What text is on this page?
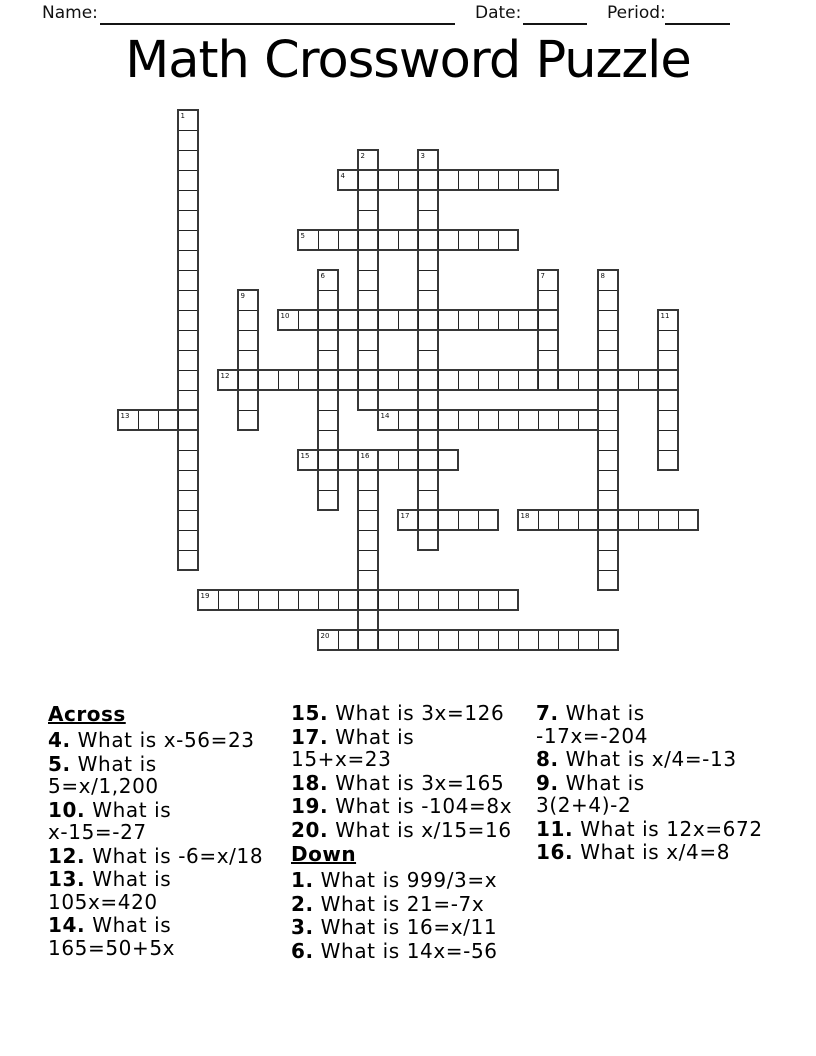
Name:	Date:	Period:
Math Crossword Puzzle
1
2	3
4
5
6	7	8
9
10	11
12
13	14
15	16
17	18
19
20
Across
4. What is x-56=23
5. What is
5=x/1,200
10. What is
x-15=-27
12. What is -6=x/18
13. What is
105x=420
14. What is
165=50+5x
15. What is 3x=126
17. What is
15+x=23
18. What is 3x=165
19. What is -104=8x
20. What is x/15=16
Down
1. What is 999/3=x
2. What is 21=-7x
3. What is 16=x/11
6. What is 14x=-56
7. What is
-17x=-204
8. What is x/4=-13
9. What is
3(2+4)-2
11. What is 12x=672
16. What is x/4=8
